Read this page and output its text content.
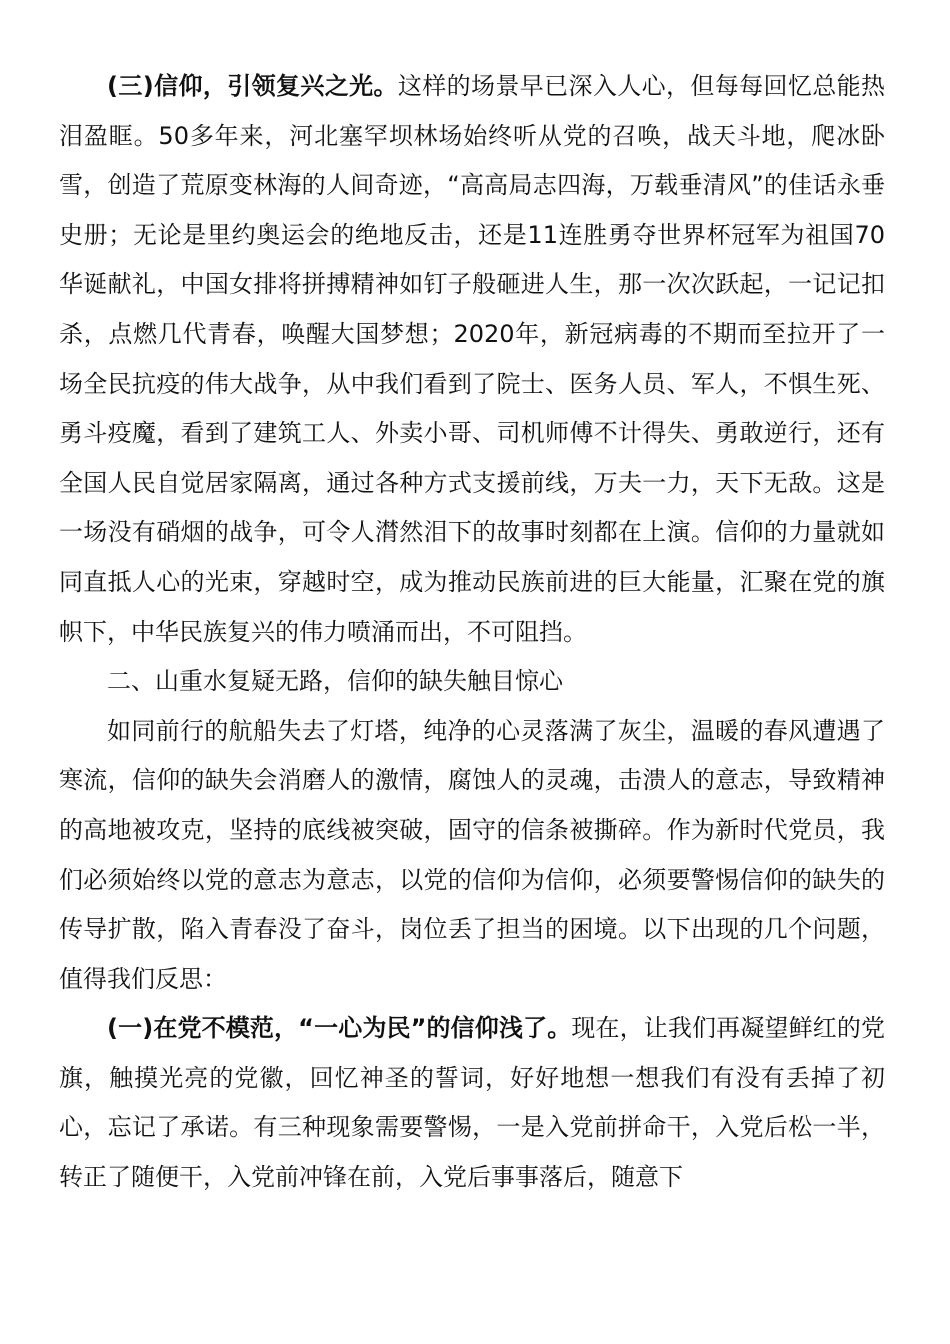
(三)信仰，引领复兴之光。这样的场景早已深入人心，但每每回忆总能热泪盈眶。50多年来，河北塞罕坝林场始终听从党的召唤，战天斗地，爬冰卧雪，创造了荒原变林海的人间奇迹，“高高局志四海，万载垂清风”的佳话永垂史册；无论是里约奥运会的绝地反击，还是11连胜勇夺世界杯冠军为祖国70华诞献礼，中国女排将拼搏精神如钉子般砸进人生，那一次次跃起，一记记扣杀，点燃几代青春，唤醒大国梦想；2020年，新冠病毒的不期而至拉开了一场全民抗疫的伟大战争，从中我们看到了院士、医务人员、军人，不惧生死、勇斗疫魔，看到了建筑工人、外卖小哥、司机师傅不计得失、勇敢逆行，还有全国人民自觉居家隔离，通过各种方式支援前线，万夫一力，天下无敌。这是一场没有硝烟的战争，可令人潸然泪下的故事时刻都在上演。信仰的力量就如同直抵人心的光束，穿越时空，成为推动民族前进的巨大能量，汇聚在党的旗帜下，中华民族复兴的伟力喷涌而出，不可阻挡。

二、山重水复疑无路，信仰的缺失触目惊心

如同前行的航船失去了灯塔，纯净的心灵落满了灰尘，温暖的春风遭遇了寒流，信仰的缺失会消磨人的激情，腐蚀人的灵魂，击溃人的意志，导致精神的高地被攻克，坚持的底线被突破，固守的信条被撕碎。作为新时代党员，我们必须始终以党的意志为意志，以党的信仰为信仰，必须要警惕信仰的缺失的传导扩散，陷入青春没了奋斗，岗位丢了担当的困境。以下出现的几个问题，值得我们反思：

(一)在党不模范，“一心为民”的信仰浅了。现在，让我们再凝望鲜红的党旗，触摸光亮的党徽，回忆神圣的誓词，好好地想一想我们有没有丢掉了初心，忘记了承诺。有三种现象需要警惕，一是入党前拼命干，入党后松一半，转正了随便干，入党前冲锋在前，入党后事事落后，随意下
